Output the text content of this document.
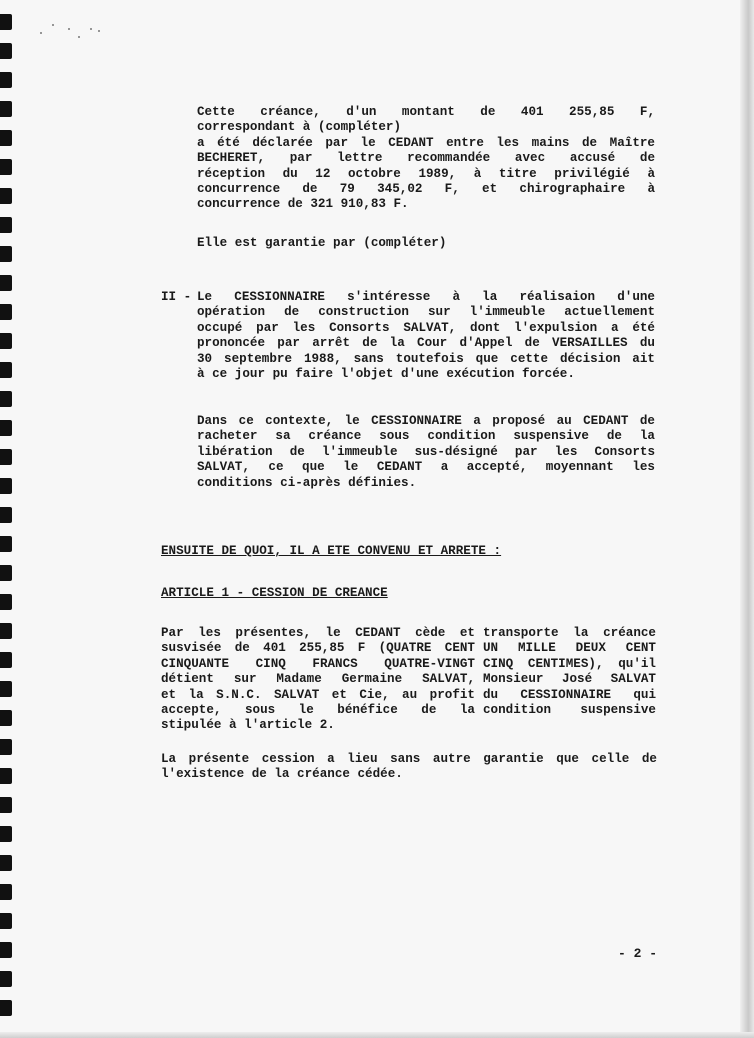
Cette créance, d'un montant de 401 255,85 F,
correspondant à (compléter)
a été déclarée par le CEDANT entre les mains de Maître
BECHERET, par lettre recommandée avec accusé de
réception du 12 octobre 1989, à titre privilégié à
concurrence de 79 345,02 F, et chirographaire à
concurrence de 321 910,83 F.
Elle est garantie par (compléter)
II - Le CESSIONNAIRE s'intéresse à la réalisaion d'une
opération de construction sur l'immeuble actuellement
occupé par les Consorts SALVAT, dont l'expulsion a été
prononcée par arrêt de la Cour d'Appel de VERSAILLES du
30 septembre 1988, sans toutefois que cette décision ait
à ce jour pu faire l'objet d'une exécution forcée.
Dans ce contexte, le CESSIONNAIRE a proposé au CEDANT de
racheter sa créance sous condition suspensive de la
libération de l'immeuble sus-désigné par les Consorts
SALVAT, ce que le CEDANT a accepté, moyennant les
conditions ci-après définies.
ENSUITE DE QUOI, IL A ETE CONVENU ET ARRETE :
ARTICLE 1 - CESSION DE CREANCE
Par les présentes, le CEDANT cède et
susvisée de 401 255,85 F (QUATRE CENT
CINQUANTE CINQ FRANCS QUATRE-VINGT
détient sur Madame Germaine SALVAT,
et la S.N.C. SALVAT et Cie, au profit
accepte, sous le bénéfice de la
stipulée à l'article 2.
transporte la créance
UN MILLE DEUX CENT
CINQ CENTIMES), qu'il
Monsieur José SALVAT
du CESSIONNAIRE qui
condition suspensive
La présente cession a lieu sans autre garantie que celle de
l'existence de la créance cédée.
- 2 -
